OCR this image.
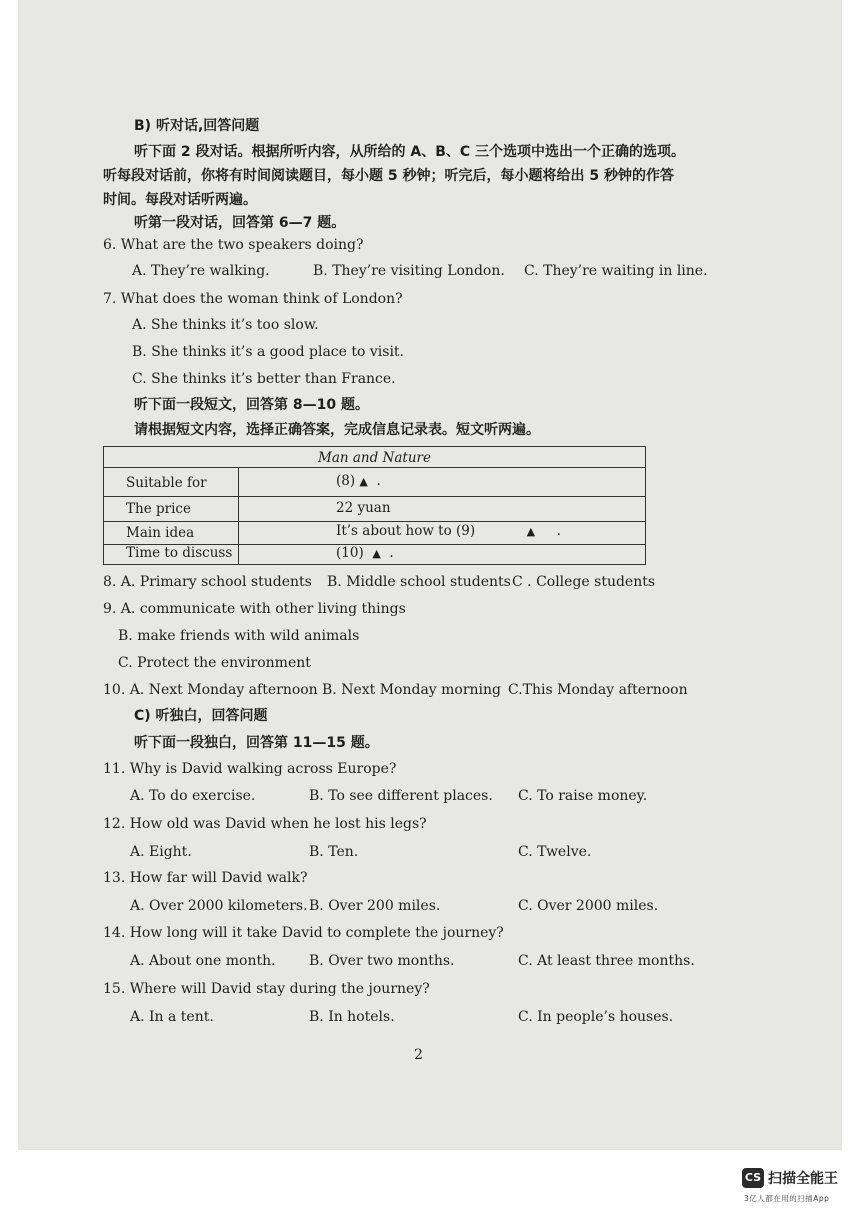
B) 听对话,回答问题
听下面 2 段对话。根据所听内容，从所给的 A、B、C 三个选项中选出一个正确的选项。
听每段对话前，你将有时间阅读题目，每小题 5 秒钟；听完后，每小题将给出 5 秒钟的作答
时间。每段对话听两遍。
听第一段对话，回答第 6—7 题。
6. What are the two speakers doing?
A. They’re walking.	B. They’re visiting London. C. They’re waiting in line.
7. What does the woman think of London?
A. She thinks it’s too slow.
B. She thinks it’s a good place to visit.
C. She thinks it’s better than France.
听下面一段短文，回答第 8—10 题。
请根据短文内容，选择正确答案，完成信息记录表。短文听两遍。
Man and Nature
Suitable for	(8) ▲  .
The price	22 yuan
Main idea	It’s about how to (9)	▲     .
Time to discuss	(10) ▲  .
8. A. Primary school students B. Middle school students C . College students
9. A. communicate with other living things
B. make friends with wild animals
C. Protect the environment
10. A. Next Monday afternoon B. Next Monday morning C.This Monday afternoon
C) 听独白，回答问题
听下面一段独白，回答第 11—15 题。
11. Why is David walking across Europe?
A. To do exercise.	B. To see different places. C. To raise money.
12. How old was David when he lost his legs?
A. Eight.	B. Ten.	C. Twelve.
13. How far will David walk?
A. Over 2000 kilometers. B. Over 200 miles.	C. Over 2000 miles.
14. How long will it take David to complete the journey?
A. About one month. B. Over two months.	C. At least three months.
15. Where will David stay during the journey?
A. In a tent.	B. In hotels.	C. In people’s houses.
2
CS 扫描全能王
3亿人都在用的扫描App
